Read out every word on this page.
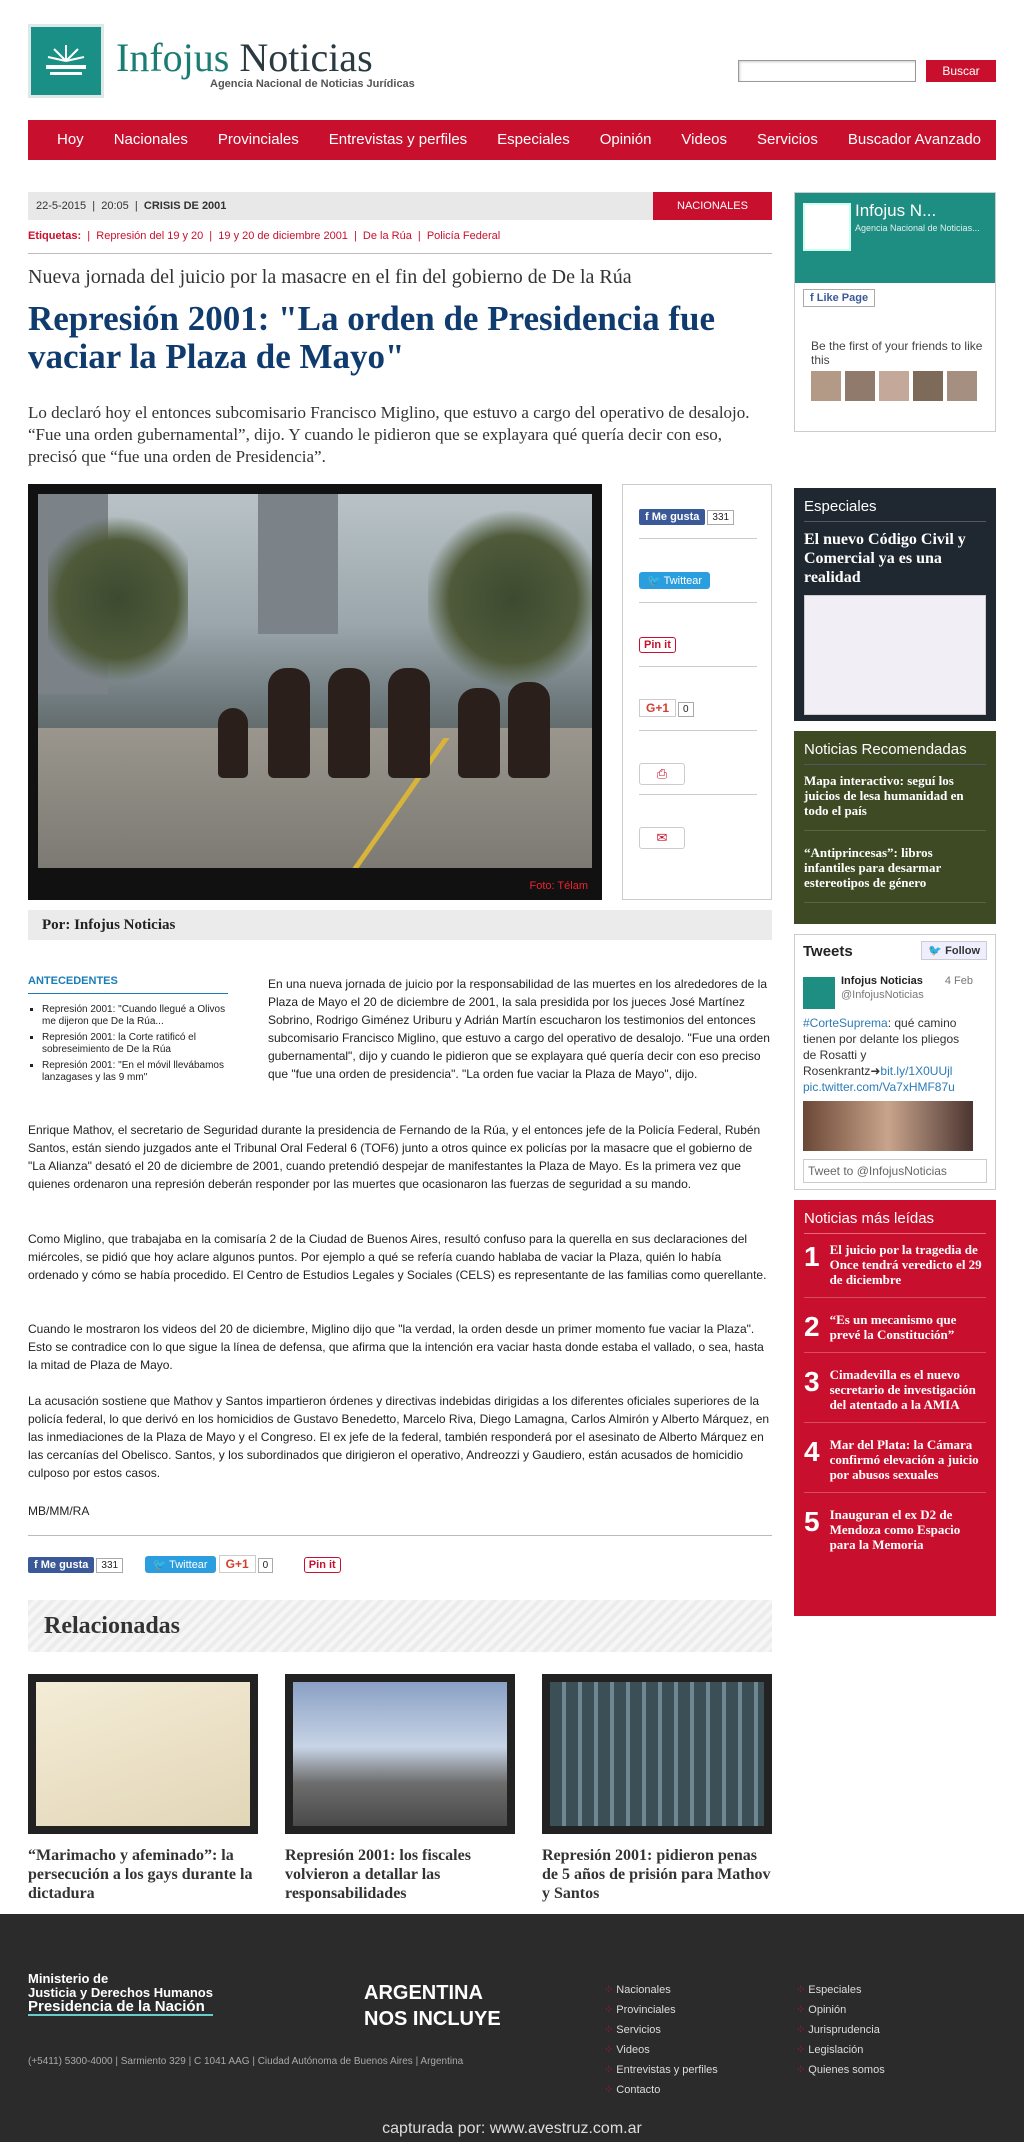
Infojus Noticias
Agencia Nacional de Noticias Jurídicas
Buscar
Hoy	Nacionales	Provinciales	Entrevistas y perfiles	Especiales	Opinión	Videos	Servicios	Buscador Avanzado
22-5-2015  |  20:05  |  CRISIS DE 2001	NACIONALES
Etiquetas:  |  Represión del 19 y 20 |  19 y 20 de diciembre 2001 |  De la Rúa |  Policía Federal
Nueva jornada del juicio por la masacre en el fin del gobierno de De la Rúa
Represión 2001: "La orden de Presidencia fue vaciar la Plaza de Mayo"

Lo declaró hoy el entonces subcomisario Francisco Miglino, que estuvo a cargo del operativo de desalojo. “Fue una orden gubernamental”, dijo. Y cuando le pidieron que se explayara qué quería decir con eso, precisó que “fue una orden de Presidencia”.

Foto: Télam
f Me gusta 331
🐦 Twittear
Pin it
G+1 0
⎙
✉
Por: Infojus Noticias
ANTECEDENTES
▪ Represión 2001: "Cuando llegué a Olivos me dijeron que De la Rúa...
▪ Represión 2001: la Corte ratificó el sobreseimiento de De la Rúa
▪ Represión 2001: "En el móvil llevábamos lanzagases y las 9 mm"

En una nueva jornada de juicio por la responsabilidad de las muertes en los alrededores de la Plaza de Mayo el 20 de diciembre de 2001, la sala presidida por los jueces José Martínez Sobrino, Rodrigo Giménez Uriburu y Adrián Martín escucharon los testimonios del entonces subcomisario Francisco Miglino, que estuvo a cargo del operativo de desalojo. "Fue una orden gubernamental", dijo y cuando le pidieron que se explayara qué quería decir con eso preciso que "fue una orden de presidencia". "La orden fue vaciar la Plaza de Mayo", dijo.

Enrique Mathov, el secretario de Seguridad durante la presidencia de Fernando de la Rúa, y el entonces jefe de la Policía Federal, Rubén Santos, están siendo juzgados ante el Tribunal Oral Federal 6 (TOF6) junto a otros quince ex policías por la masacre que el gobierno de "La Alianza" desató el 20 de diciembre de 2001, cuando pretendió despejar de manifestantes la Plaza de Mayo. Es la primera vez que quienes ordenaron una represión deberán responder por las muertes que ocasionaron las fuerzas de seguridad a su mando.

Como Miglino, que trabajaba en la comisaría 2 de la Ciudad de Buenos Aires, resultó confuso para la querella en sus declaraciones del miércoles, se pidió que hoy aclare algunos puntos. Por ejemplo a qué se refería cuando hablaba de vaciar la Plaza, quién lo había ordenado y cómo se había procedido. El Centro de Estudios Legales y Sociales (CELS) es representante de las familias como querellante.

Cuando le mostraron los videos del 20 de diciembre, Miglino dijo que "la verdad, la orden desde un primer momento fue vaciar la Plaza". Esto se contradice con lo que sigue la línea de defensa, que afirma que la intención era vaciar hasta donde estaba el vallado, o sea, hasta la mitad de Plaza de Mayo.

La acusación sostiene que Mathov y Santos impartieron órdenes y directivas indebidas dirigidas a los diferentes oficiales superiores de la policía federal, lo que derivó en los homicidios de Gustavo Benedetto, Marcelo Riva, Diego Lamagna, Carlos Almirón y Alberto Márquez, en las inmediaciones de la Plaza de Mayo y el Congreso. El ex jefe de la federal, también responderá por el asesinato de Alberto Márquez en las cercanías del Obelisco. Santos, y los subordinados que dirigieron el operativo, Andreozzi y Gaudiero, están acusados de homicidio culposo por estos casos.

MB/MM/RA

f Me gusta 331	🐦 Twittear G+1 0	Pin it
Relacionadas
“Marimacho y afeminado”: la persecución a los gays durante la dictadura
Represión 2001: los fiscales volvieron a detallar las responsabilidades
Represión 2001: pidieron penas de 5 años de prisión para Mathov y Santos
Infojus N...
Agencia Nacional de Noticias...
f Like Page
Be the first of your friends to like this
Especiales
El nuevo Código Civil y Comercial ya es una realidad
Noticias Recomendadas
Mapa interactivo: seguí los juicios de lesa humanidad en todo el país
“Antiprincesas”: libros infantiles para desarmar estereotipos de género
Tweets	🐦 Follow
Infojus Noticias
@InfojusNoticias
4 Feb
#CorteSuprema: qué camino tienen por delante los pliegos de Rosatti y Rosenkrantz➜bit.ly/1X0UUjl pic.twitter.com/Va7xHMF87u
Tweet to @InfojusNoticias
Noticias más leídas
1 El juicio por la tragedia de Once tendrá veredicto el 29 de diciembre
2 “Es un mecanismo que prevé la Constitución”
3 Cimadevilla es el nuevo secretario de investigación del atentado a la AMIA
4 Mar del Plata: la Cámara confirmó elevación a juicio por abusos sexuales
5 Inauguran el ex D2 de Mendoza como Espacio para la Memoria
Ministerio de
Justicia y Derechos Humanos
Presidencia de la Nación
ARGENTINA
NOS INCLUYE
(+5411) 5300-4000 | Sarmiento 329 | C 1041 AAG | Ciudad Autónoma de Buenos Aires | Argentina
⁘ Nacionales
⁘ Provinciales
⁘ Servicios
⁘ Videos
⁘ Entrevistas y perfiles
⁘ Contacto
⁘ Especiales
⁘ Opinión
⁘ Jurisprudencia
⁘ Legislación
⁘ Quienes somos
capturada por: www.avestruz.com.ar
